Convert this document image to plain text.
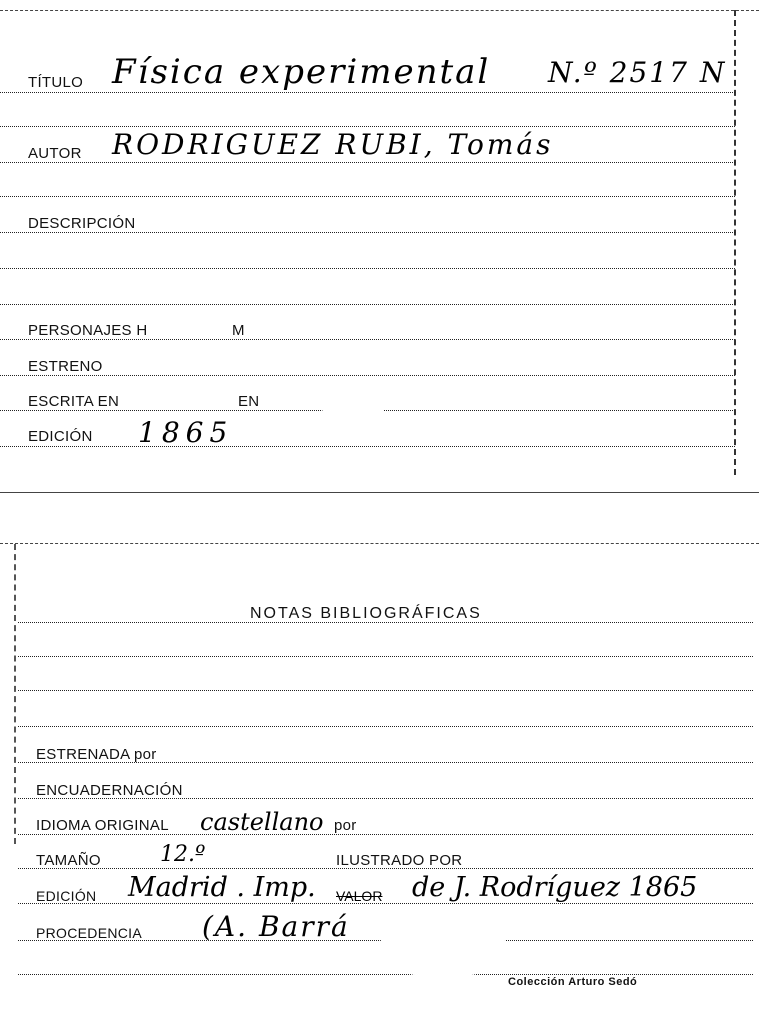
TÍTULO Física experimental N.º 2517 N
AUTOR RODRIGUEZ RUBI, Tomás
DESCRIPCIÓN
PERSONAJES H	M
ESTRENO
ESCRITA EN	EN
EDICIÓN 1865
NOTAS BIBLIOGRÁFICAS
ESTRENADA por
ENCUADERNACIÓN
IDIOMA ORIGINAL castellano por
TAMAÑO	12.º	ILUSTRADO POR
EDICIÓN Madrid . Imp. VALOR de J. Rodríguez 1865
PROCEDENCIA (A. Barrá
Colección Arturo Sedó
